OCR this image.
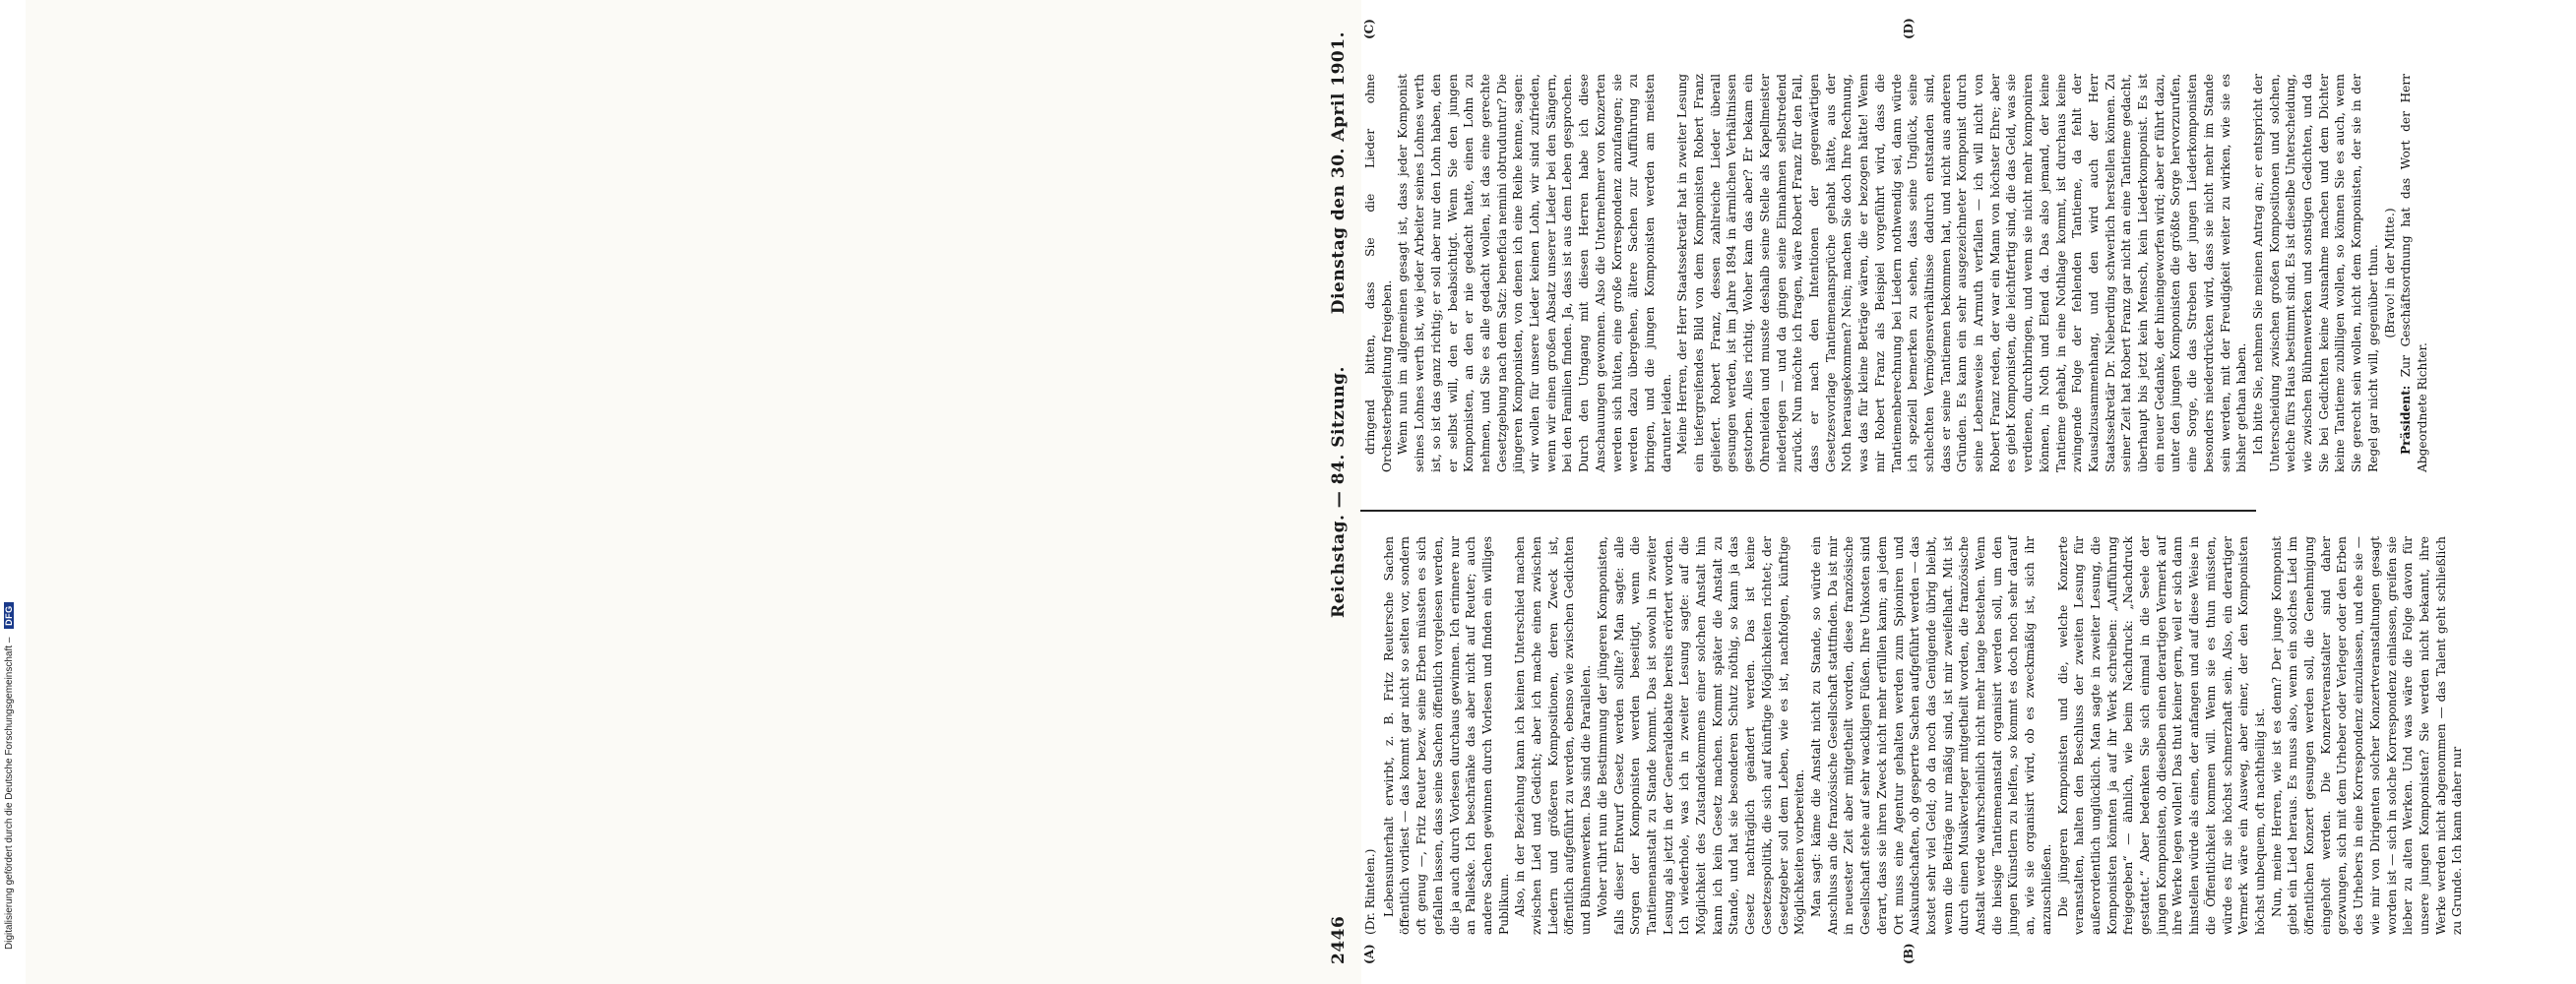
Digitalisierung gefördert durch die Deutsche Forschungsgemeinschaft – DFG
2446
Reichstag. — 84. Sitzung.
Dienstag den 30. April 1901.
(A)	(B)
(C)	(D)

(Dr. Rintelen.) Lebensunterhalt erwirbt, z. B. Fritz Reutersche Sachen öffentlich vorliest — das kommt gar nicht so selten vor, sondern oft genug —, Fritz Reuter bezw. seine Erben müssten es sich gefallen lassen, dass seine Sachen öffentlich vorgelesen werden, die ja auch durch Vorlesen durchaus gewinnen. Ich erinnere nur an Palleske. Ich beschränke das aber nicht auf Reuter; auch andere Sachen gewinnen durch Vorlesen und finden ein williges Publikum. Also, in der Beziehung kann ich keinen Unterschied machen zwischen Lied und Gedicht; aber ich mache einen zwischen Liedern und größeren Kompositionen, deren Zweck ist, öffentlich aufgeführt zu werden, ebenso wie zwischen Gedichten und Bühnenwerken. Das sind die Parallelen. Woher rührt nun die Bestimmung der jüngeren Komponisten, falls dieser Entwurf Gesetz werden sollte? Man sagte: alle Sorgen der Komponisten werden beseitigt, wenn die Tantiemenanstalt zu Stande kommt. Das ist sowohl in zweiter Lesung als jetzt in der Generaldebatte bereits erörtert worden. Ich wiederhole, was ich in zweiter Lesung sagte: auf die Möglichkeit des Zustandekommens einer solchen Anstalt hin kann ich kein Gesetz machen. Kommt später die Anstalt zu Stande, und hat sie besonderen Schutz nöthig, so kann ja das Gesetz nachträglich geändert werden. Das ist keine Gesetzespolitik, die sich auf künftige Möglichkeiten richtet; der Gesetzgeber soll dem Leben, wie es ist, nachfolgen, künftige Möglichkeiten vorbereiten. Man sagt: käme die Anstalt nicht zu Stande, so würde ein Anschluss an die französische Gesellschaft stattfinden. Da ist mir in neuester Zeit aber mitgetheilt worden, diese französische Gesellschaft stehe auf sehr wackligen Füßen. Ihre Unkosten sind derart, dass sie ihren Zweck nicht mehr erfüllen kann; an jedem Ort muss eine Agentur gehalten werden zum Spioniren und Auskundschaften, ob gesperrte Sachen aufgeführt werden — das kostet sehr viel Geld; ob da noch das Genügende übrig bleibt, wenn die Beiträge nur mäßig sind, ist mir zweifelhaft. Mit ist durch einen Musikverleger mitgetheilt worden, die französische Anstalt werde wahrscheinlich nicht mehr lange bestehen. Wenn die hiesige Tantiemenanstalt organisirt werden soll, um den jungen Künstlern zu helfen, so kommt es doch noch sehr darauf an, wie sie organisirt wird, ob es zweckmäßig ist, sich ihr anzuschließen. Die jüngeren Komponisten und die, welche Konzerte veranstalten, halten den Beschluss der zweiten Lesung für außerordentlich unglücklich. Man sagte in zweiter Lesung, die Komponisten könnten ja auf ihr Werk schreiben: „Aufführung freigegeben“ — ähnlich, wie beim Nachdruck: „Nachdruck gestattet.“ Aber bedenken Sie sich einmal in die Seele der jungen Komponisten, ob dieselben einen derartigen Vermerk auf ihre Werke legen wollen! Das thut keiner gern, weil er sich dann hinstellen würde als einen, der anfangen und auf diese Weise in die Öffentlichkeit kommen will. Wenn sie es thun müssten, würde es für sie höchst schmerzhaft sein. Also, ein derartiger Vermerk wäre ein Ausweg, aber einer, der den Komponisten höchst unbequem, oft nachtheilig ist. Nun, meine Herren, wie ist es denn? Der junge Komponist giebt ein Lied heraus. Es muss also, wenn ein solches Lied im öffentlichen Konzert gesungen werden soll, die Genehmigung eingeholt werden. Die Konzertveranstalter sind daher gezwungen, sich mit dem Urheber oder Verleger oder den Erben des Urhebers in eine Korrespondenz einzulassen, und ehe sie — wie mir von Dirigenten solcher Konzertveranstaltungen gesagt worden ist — sich in solche Korrespondenz einlassen, greifen sie lieber zu alten Werken. Und was wäre die Folge davon für unsere jungen Komponisten? Sie werden nicht bekannt, ihre Werke werden nicht abgenommen — das Talent geht schließlich zu Grunde. Ich kann daher nur

dringend bitten, dass Sie die Lieder ohne Orchesterbegleitung freigeben. Wenn nun im allgemeinen gesagt ist, dass jeder Komponist seines Lohnes werth ist, wie jeder Arbeiter seines Lohnes werth ist, so ist das ganz richtig; er soll aber nur den Lohn haben, den er selbst will, den er beabsichtigt. Wenn Sie den jungen Komponisten, an den er nie gedacht hatte, einen Lohn zu nehmen, und Sie es alle gedacht wollen, ist das eine gerechte Gesetzgebung nach dem Satz: beneficia nemini obtruduntur? Die jüngeren Komponisten, von denen ich eine Reihe kenne, sagen: wir wollen für unsere Lieder keinen Lohn, wir sind zufrieden, wenn wir einen großen Absatz unserer Lieder bei den Sängern, bei den Familien finden. Ja, dass ist aus dem Leben gesprochen. Durch den Umgang mit diesen Herren habe ich diese Anschauungen gewonnen. Also die Unternehmer von Konzerten werden sich hüten, eine große Korrespondenz anzufangen; sie werden dazu übergehen, ältere Sachen zur Aufführung zu bringen, und die jungen Komponisten werden am meisten darunter leiden. Meine Herren, der Herr Staatssekretär hat in zweiter Lesung ein tiefergreifendes Bild von dem Komponisten Robert Franz geliefert. Robert Franz, dessen zahlreiche Lieder überall gesungen werden, ist im Jahre 1894 in ärmlichen Verhältnissen gestorben. Alles richtig. Woher kam das aber? Er bekam ein Ohrenleiden und musste deshalb seine Stelle als Kapellmeister niederlegen — und da gingen seine Einnahmen selbstredend zurück. Nun möchte ich fragen, wäre Robert Franz für den Fall, dass er nach den Intentionen der gegenwärtigen Gesetzesvorlage Tantiemenansprüche gehabt hätte, aus der Noth herausgekommen? Nein; machen Sie doch Ihre Rechnung, was das für kleine Beträge wären, die er bezogen hätte! Wenn mir Robert Franz als Beispiel vorgeführt wird, dass die Tantiemenberechnung bei Liedern nothwendig sei, dann würde ich speziell bemerken zu sehen, dass seine Unglück, seine schlechten Vermögensverhältnisse dadurch entstanden sind, dass er seine Tantiemen bekommen hat, und nicht aus anderen Gründen. Es kann ein sehr ausgezeichneter Komponist durch seine Lebensweise in Armuth verfallen — ich will nicht von Robert Franz reden, der war ein Mann von höchster Ehre; aber es giebt Komponisten, die leichtfertig sind, die das Geld, was sie verdienen, durchbringen, und wenn sie nicht mehr komponiren können, in Noth und Elend da. Das also jemand, der keine Tantieme gehabt, in eine Nothlage kommt, ist durchaus keine zwingende Folge der fehlenden Tantieme, da fehlt der Kausalzusammenhang, und den wird auch der Herr Staatssekretär Dr. Nieberding schwerlich herstellen können. Zu seiner Zeit hat Robert Franz gar nicht an eine Tantieme gedacht, überhaupt bis jetzt kein Mensch, kein Liederkomponist. Es ist ein neuer Gedanke, der hineingeworfen wird; aber er führt dazu, unter den jungen Komponisten die größte Sorge hervorzurufen, eine Sorge, die das Streben der jungen Liederkomponisten besonders niederdrücken wird, dass sie nicht mehr im Stande sein werden, mit der Freudigkeit weiter zu wirken, wie sie es bisher gethan haben. Ich bitte Sie, nehmen Sie meinen Antrag an; er entspricht der Unterscheidung zwischen großen Kompositionen und solchen, welche fürs Haus bestimmt sind. Es ist dieselbe Unterscheidung, wie zwischen Bühnenwerken und sonstigen Gedichten, und da Sie bei Gedichten keine Ausnahme machen und dem Dichter keine Tantieme zubilligen wollen, so können Sie es auch, wenn Sie gerecht sein wollen, nicht dem Komponisten, der sie in der Regel gar nicht will, gegenüber thun. (Bravo! in der Mitte.)

Präsident: Zur Geschäftsordnung hat das Wort der Herr Abgeordnete Richter.
